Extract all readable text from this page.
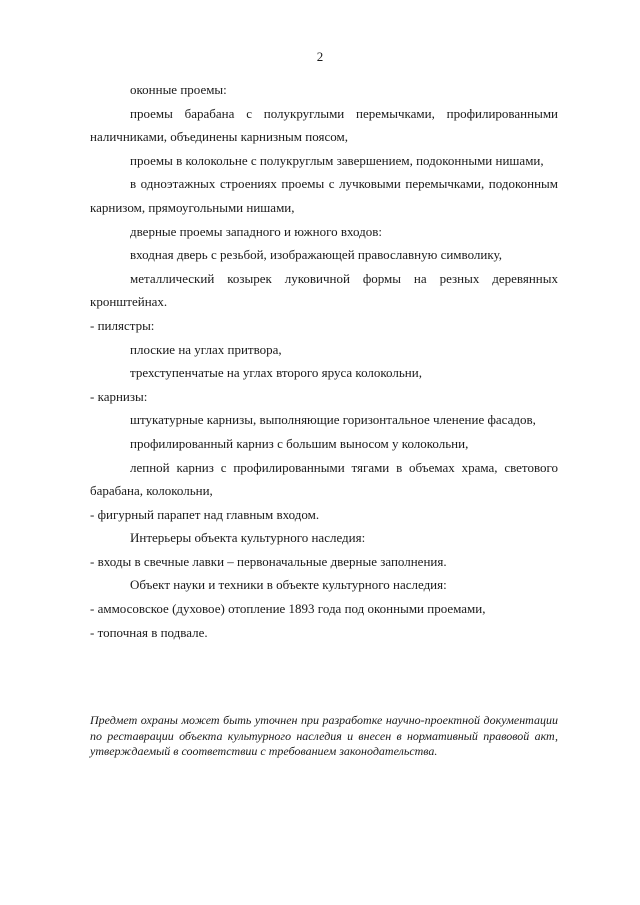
2

оконные проемы:

проемы барабана с полукруглыми перемычками, профилированными наличниками, объединены карнизным поясом,

проемы в колокольне с полукруглым завершением, подоконными нишами,

в одноэтажных строениях проемы с лучковыми перемычками, подоконным карнизом, прямоугольными нишами,

дверные проемы западного и южного входов:

входная дверь с резьбой, изображающей православную символику,

металлический козырек луковичной формы на резных деревянных кронштейнах.

- пилястры:

плоские на углах притвора,

трехступенчатые на углах второго яруса колокольни,

- карнизы:

штукатурные карнизы, выполняющие горизонтальное членение фасадов,

профилированный карниз с большим выносом у колокольни,

лепной карниз с профилированными тягами в объемах храма, светового барабана, колокольни,

- фигурный парапет над главным входом.

Интерьеры объекта культурного наследия:

- входы в свечные лавки – первоначальные дверные заполнения.

Объект науки и техники в объекте культурного наследия:

- аммосовское (духовое) отопление 1893 года под оконными проемами,

- топочная в подвале.

Предмет охраны может быть уточнен при разработке научно-проектной документации по реставрации объекта культурного наследия и внесен в нормативный правовой акт, утверждаемый в соответствии с требованием законодательства.
